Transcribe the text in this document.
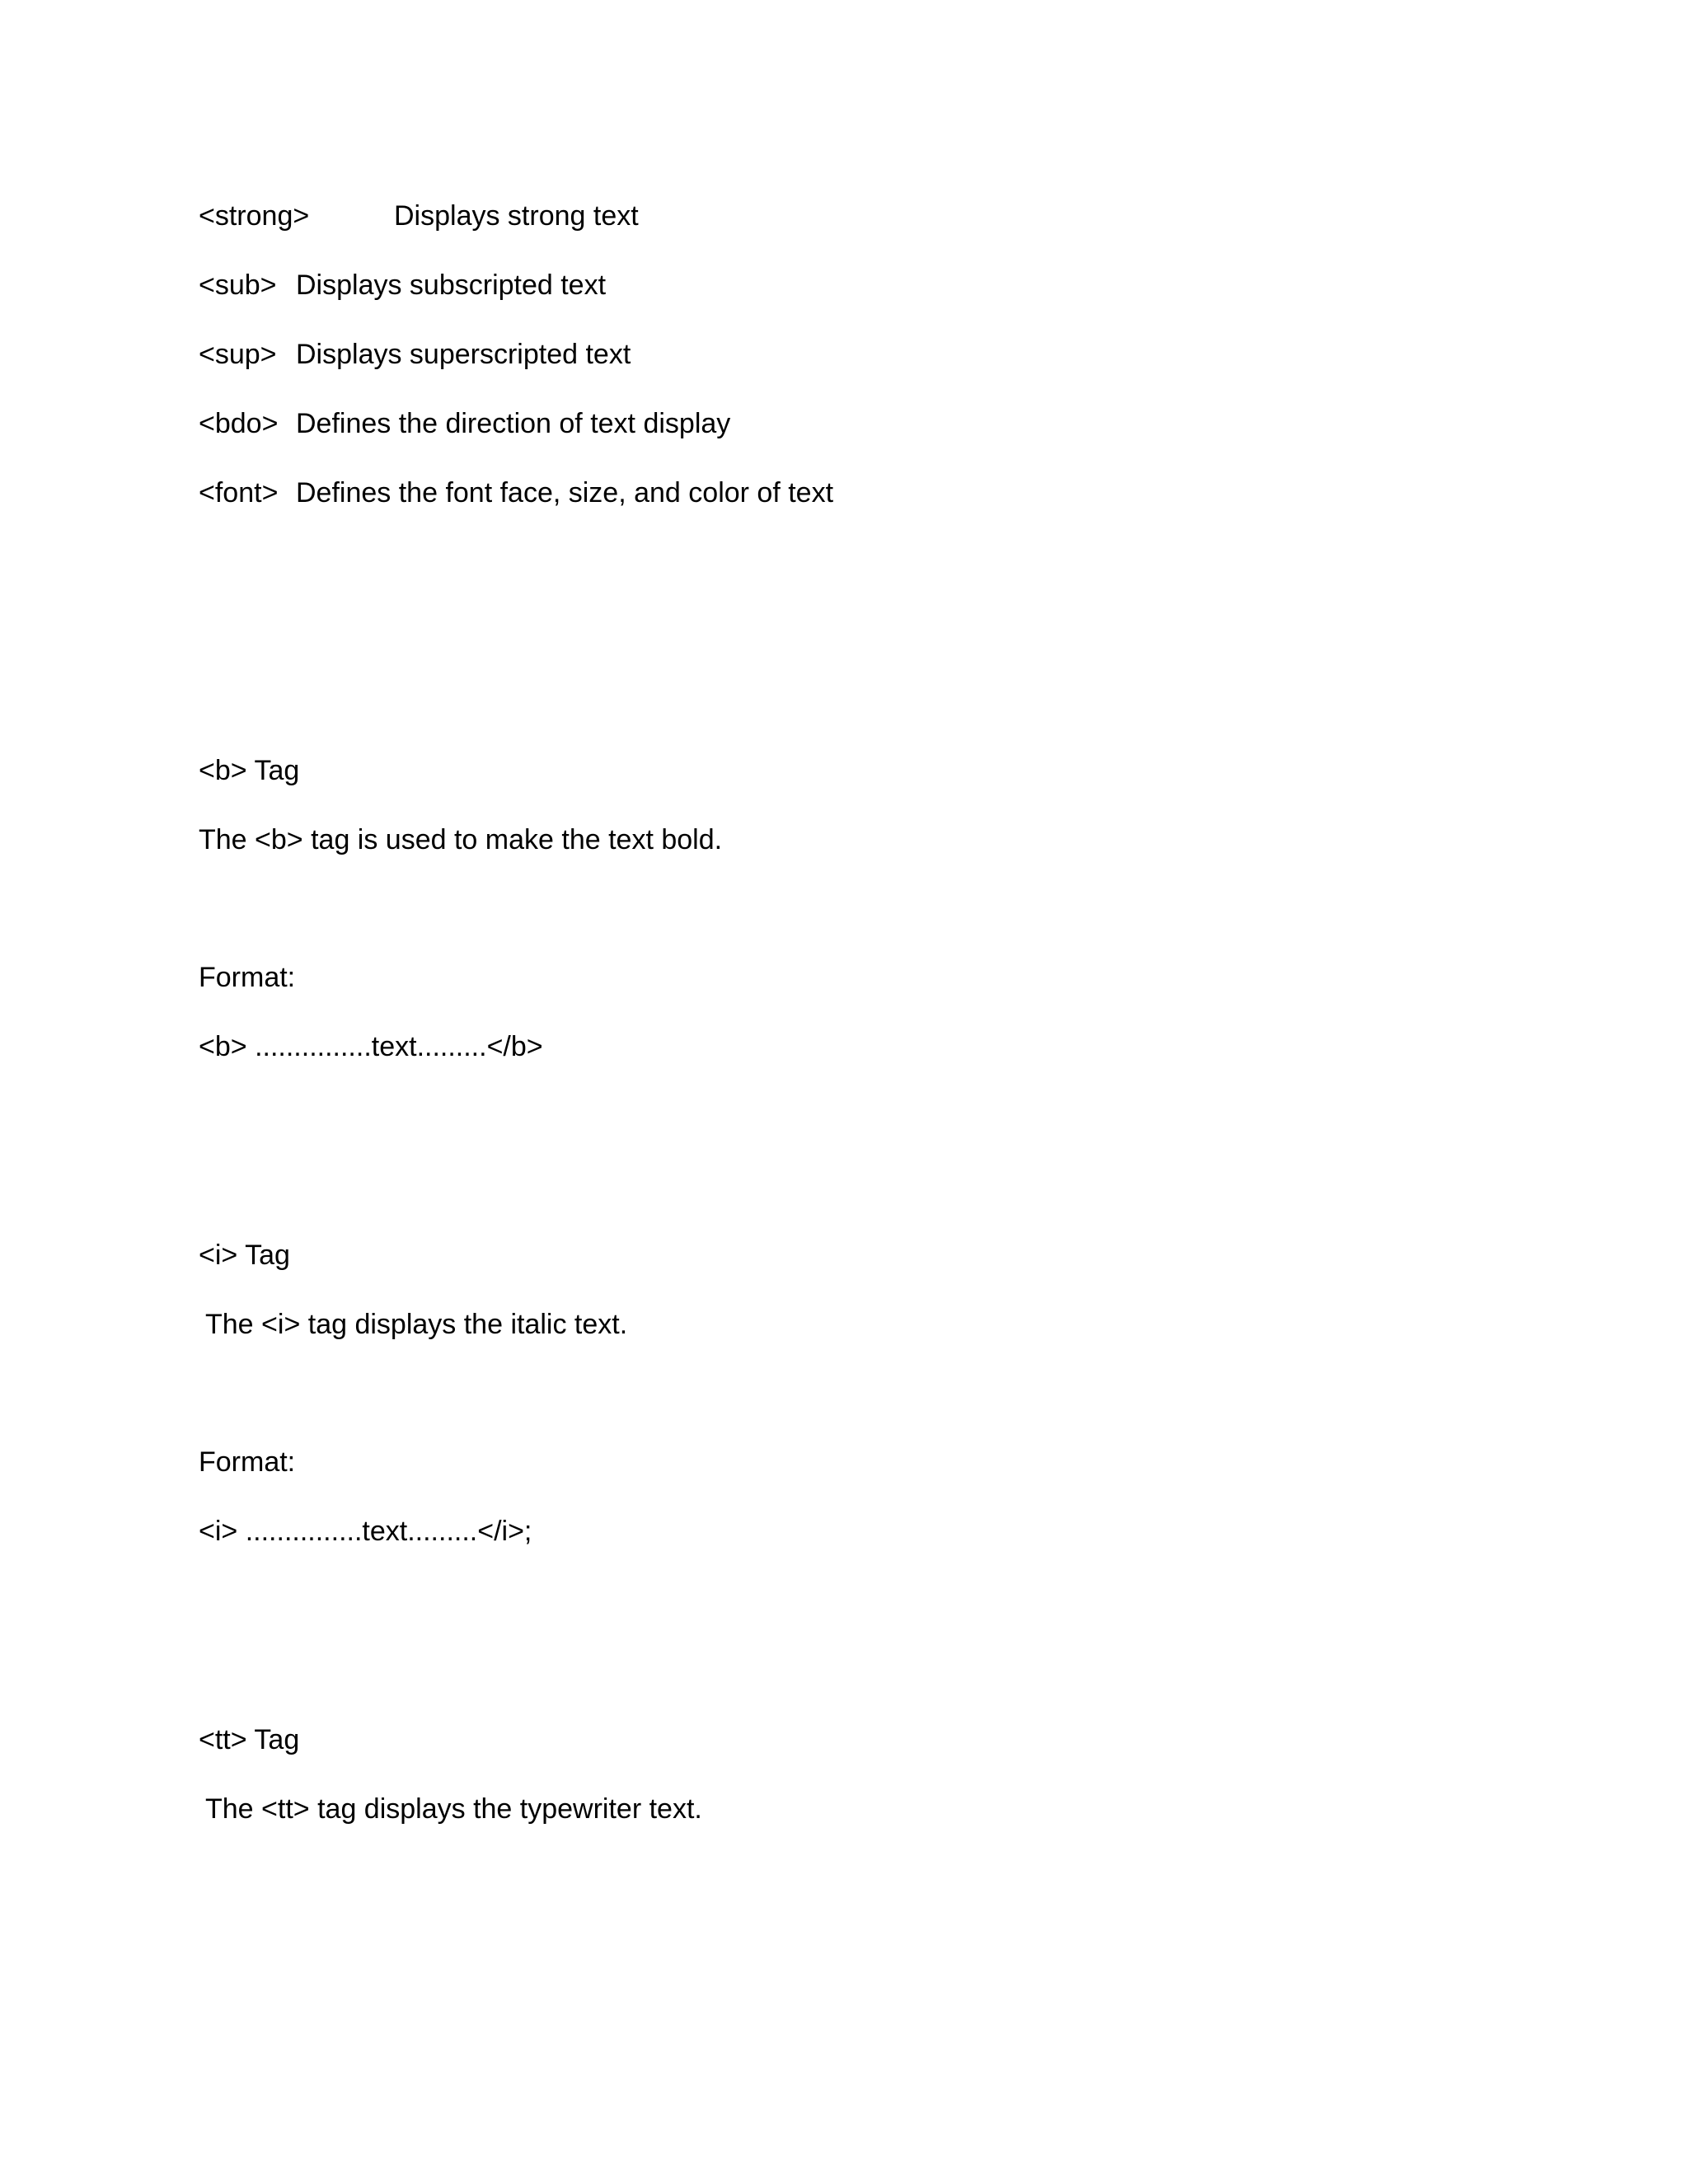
<strong>

	Displays strong text

<sub>

Displays subscripted text

<sup>

Displays superscripted text

<bdo>

Defines the direction of text display

<font>

Defines the font face, size, and color of text

<b> Tag
The <b> tag is used to make the text bold.
Format:
<b> ...............text.........</b>
<i> Tag
The <i> tag displays the italic text.
Format:
<i> ...............text.........</i>;
<tt> Tag
The <tt> tag displays the typewriter text.
